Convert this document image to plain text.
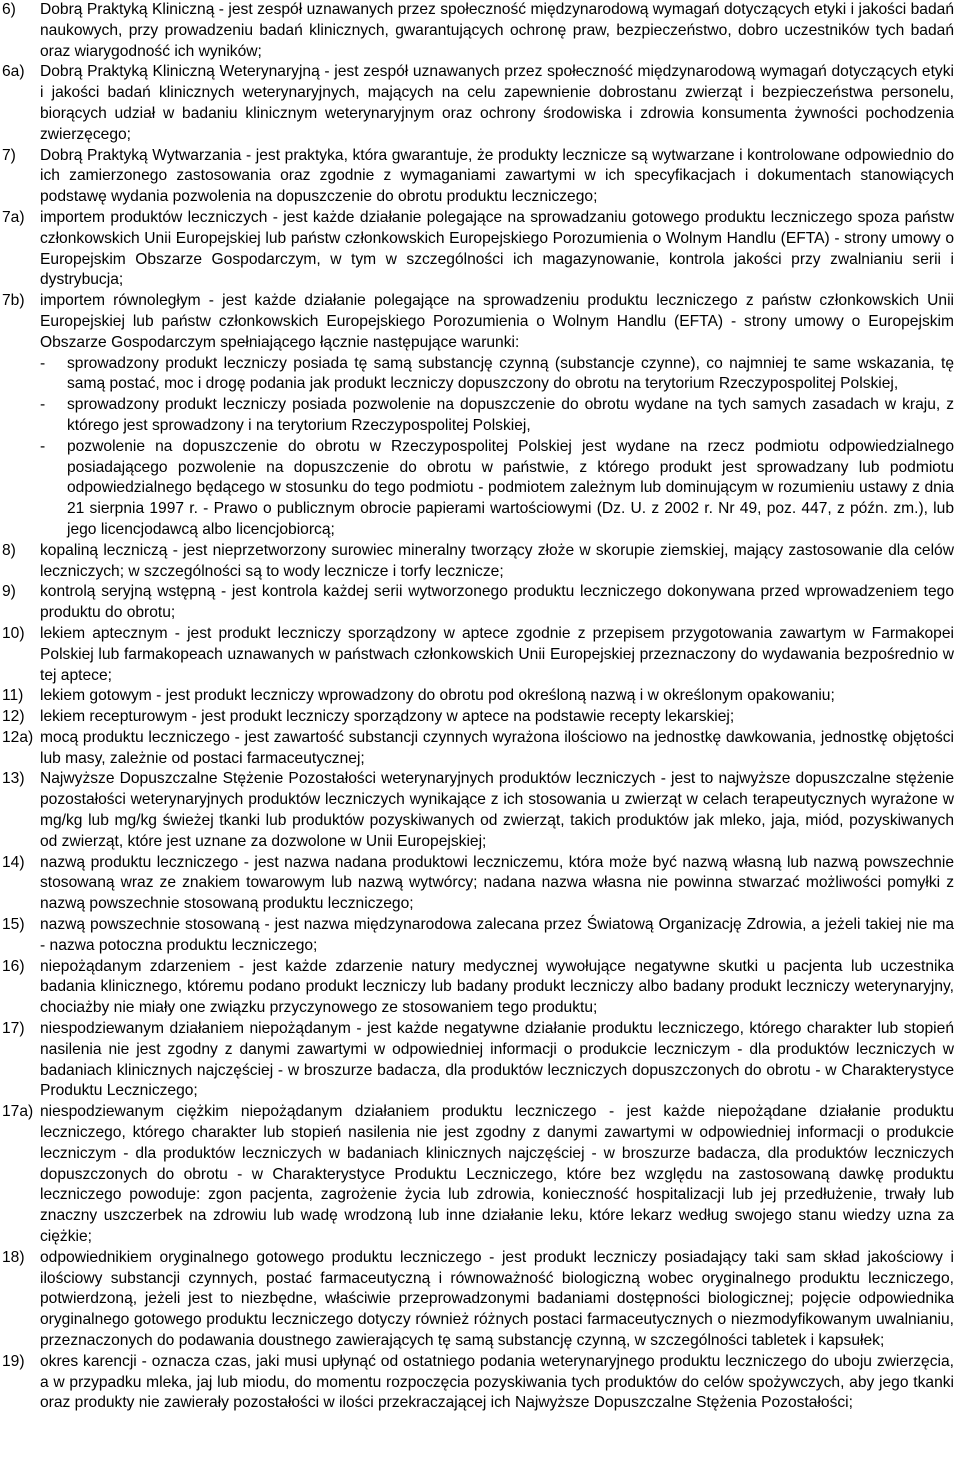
6)	Dobrą Praktyką Kliniczną - jest zespół uznawanych przez społeczność międzynarodową wymagań dotyczących etyki i jakości badań naukowych, przy prowadzeniu badań klinicznych, gwarantujących ochronę praw, bezpieczeństwo, dobro uczestników tych badań oraz wiarygodność ich wyników;
6a) Dobrą Praktyką Kliniczną Weterynaryjną - jest zespół uznawanych przez społeczność międzynarodową wymagań dotyczących etyki i jakości badań klinicznych weterynaryjnych, mających na celu zapewnienie dobrostanu zwierząt i bezpieczeństwa personelu, biorących udział w badaniu klinicznym weterynaryjnym oraz ochrony środowiska i zdrowia konsumenta żywności pochodzenia zwierzęcego;
7)	Dobrą Praktyką Wytwarzania - jest praktyka, która gwarantuje, że produkty lecznicze są wytwarzane i kontrolowane odpowiednio do ich zamierzonego zastosowania oraz zgodnie z wymaganiami zawartymi w ich specyfikacjach i dokumentach stanowiących podstawę wydania pozwolenia na dopuszczenie do obrotu produktu leczniczego;
7a) importem produktów leczniczych - jest każde działanie polegające na sprowadzaniu gotowego produktu leczniczego spoza państw członkowskich Unii Europejskiej lub państw członkowskich Europejskiego Porozumienia o Wolnym Handlu (EFTA) - strony umowy o Europejskim Obszarze Gospodarczym, w tym w szczególności ich magazynowanie, kontrola jakości przy zwalnianiu serii i dystrybucja;
7b) importem równoległym - jest każde działanie polegające na sprowadzeniu produktu leczniczego z państw członkowskich Unii Europejskiej lub państw członkowskich Europejskiego Porozumienia o Wolnym Handlu (EFTA) - strony umowy o Europejskim Obszarze Gospodarczym spełniającego łącznie następujące warunki:
-	sprowadzony produkt leczniczy posiada tę samą substancję czynną (substancje czynne), co najmniej te same wskazania, tę samą postać, moc i drogę podania jak produkt leczniczy dopuszczony do obrotu na terytorium Rzeczypospolitej Polskiej,
-	sprowadzony produkt leczniczy posiada pozwolenie na dopuszczenie do obrotu wydane na tych samych zasadach w kraju, z którego jest sprowadzony i na terytorium Rzeczypospolitej Polskiej,
-	pozwolenie na dopuszczenie do obrotu w Rzeczypospolitej Polskiej jest wydane na rzecz podmiotu odpowiedzialnego posiadającego pozwolenie na dopuszczenie do obrotu w państwie, z którego produkt jest sprowadzany lub podmiotu odpowiedzialnego będącego w stosunku do tego podmiotu - podmiotem zależnym lub dominującym w rozumieniu ustawy z dnia 21 sierpnia 1997 r. - Prawo o publicznym obrocie papierami wartościowymi (Dz. U. z 2002 r. Nr 49, poz. 447, z późn. zm.), lub jego licencjodawcą albo licencjobiorcą;
8)	kopaliną leczniczą - jest nieprzetworzony surowiec mineralny tworzący złoże w skorupie ziemskiej, mający zastosowanie dla celów leczniczych; w szczególności są to wody lecznicze i torfy lecznicze;
9)	kontrolą seryjną wstępną - jest kontrola każdej serii wytworzonego produktu leczniczego dokonywana przed wprowadzeniem tego produktu do obrotu;
10) lekiem aptecznym - jest produkt leczniczy sporządzony w aptece zgodnie z przepisem przygotowania zawartym w Farmakopei Polskiej lub farmakopeach uznawanych w państwach członkowskich Unii Europejskiej przeznaczony do wydawania bezpośrednio w tej aptece;
11)	lekiem gotowym - jest produkt leczniczy wprowadzony do obrotu pod określoną nazwą i w określonym opakowaniu;
12) lekiem recepturowym - jest produkt leczniczy sporządzony w aptece na podstawie recepty lekarskiej;
12a) mocą produktu leczniczego - jest zawartość substancji czynnych wyrażona ilościowo na jednostkę dawkowania, jednostkę objętości lub masy, zależnie od postaci farmaceutycznej;
13) Najwyższe Dopuszczalne Stężenie Pozostałości weterynaryjnych produktów leczniczych - jest to najwyższe dopuszczalne stężenie pozostałości weterynaryjnych produktów leczniczych wynikające z ich stosowania u zwierząt w celach terapeutycznych wyrażone w mg/kg lub mg/kg świeżej tkanki lub produktów pozyskiwanych od zwierząt, takich produktów jak mleko, jaja, miód, pozyskiwanych od zwierząt, które jest uznane za dozwolone w Unii Europejskiej;
14) nazwą produktu leczniczego - jest nazwa nadana produktowi leczniczemu, która może być nazwą własną lub nazwą powszechnie stosowaną wraz ze znakiem towarowym lub nazwą wytwórcy; nadana nazwa własna nie powinna stwarzać możliwości pomyłki z nazwą powszechnie stosowaną produktu leczniczego;
15) nazwą powszechnie stosowaną - jest nazwa międzynarodowa zalecana przez Światową Organizację Zdrowia, a jeżeli takiej nie ma - nazwa potoczna produktu leczniczego;
16) niepożądanym zdarzeniem - jest każde zdarzenie natury medycznej wywołujące negatywne skutki u pacjenta lub uczestnika badania klinicznego, któremu podano produkt leczniczy lub badany produkt leczniczy albo badany produkt leczniczy weterynaryjny, chociażby nie miały one związku przyczynowego ze stosowaniem tego produktu;
17) niespodziewanym działaniem niepożądanym - jest każde negatywne działanie produktu leczniczego, którego charakter lub stopień nasilenia nie jest zgodny z danymi zawartymi w odpowiedniej informacji o produkcie leczniczym - dla produktów leczniczych w badaniach klinicznych najczęściej - w broszurze badacza, dla produktów leczniczych dopuszczonych do obrotu - w Charakterystyce Produktu Leczniczego;
17a) niespodziewanym ciężkim niepożądanym działaniem produktu leczniczego - jest każde niepożądane działanie produktu leczniczego, którego charakter lub stopień nasilenia nie jest zgodny z danymi zawartymi w odpowiedniej informacji o produkcie leczniczym - dla produktów leczniczych w badaniach klinicznych najczęściej - w broszurze badacza, dla produktów leczniczych dopuszczonych do obrotu - w Charakterystyce Produktu Leczniczego, które bez względu na zastosowaną dawkę produktu leczniczego powoduje: zgon pacjenta, zagrożenie życia lub zdrowia, konieczność hospitalizacji lub jej przedłużenie, trwały lub znaczny uszczerbek na zdrowiu lub wadę wrodzoną lub inne działanie leku, które lekarz według swojego stanu wiedzy uzna za ciężkie;
18) odpowiednikiem oryginalnego gotowego produktu leczniczego - jest produkt leczniczy posiadający taki sam skład jakościowy i ilościowy substancji czynnych, postać farmaceutyczną i równoważność biologiczną wobec oryginalnego produktu leczniczego, potwierdzoną, jeżeli jest to niezbędne, właściwie przeprowadzonymi badaniami dostępności biologicznej; pojęcie odpowiednika oryginalnego gotowego produktu leczniczego dotyczy również różnych postaci farmaceutycznych o niezmodyfikowanym uwalnianiu, przeznaczonych do podawania doustnego zawierających tę samą substancję czynną, w szczególności tabletek i kapsułek;
19) okres karencji - oznacza czas, jaki musi upłynąć od ostatniego podania weterynaryjnego produktu leczniczego do uboju zwierzęcia, a w przypadku mleka, jaj lub miodu, do momentu rozpoczęcia pozyskiwania tych produktów do celów spożywczych, aby jego tkanki oraz produkty nie zawierały pozostałości w ilości przekraczającej ich Najwyższe Dopuszczalne Stężenia Pozostałości;
